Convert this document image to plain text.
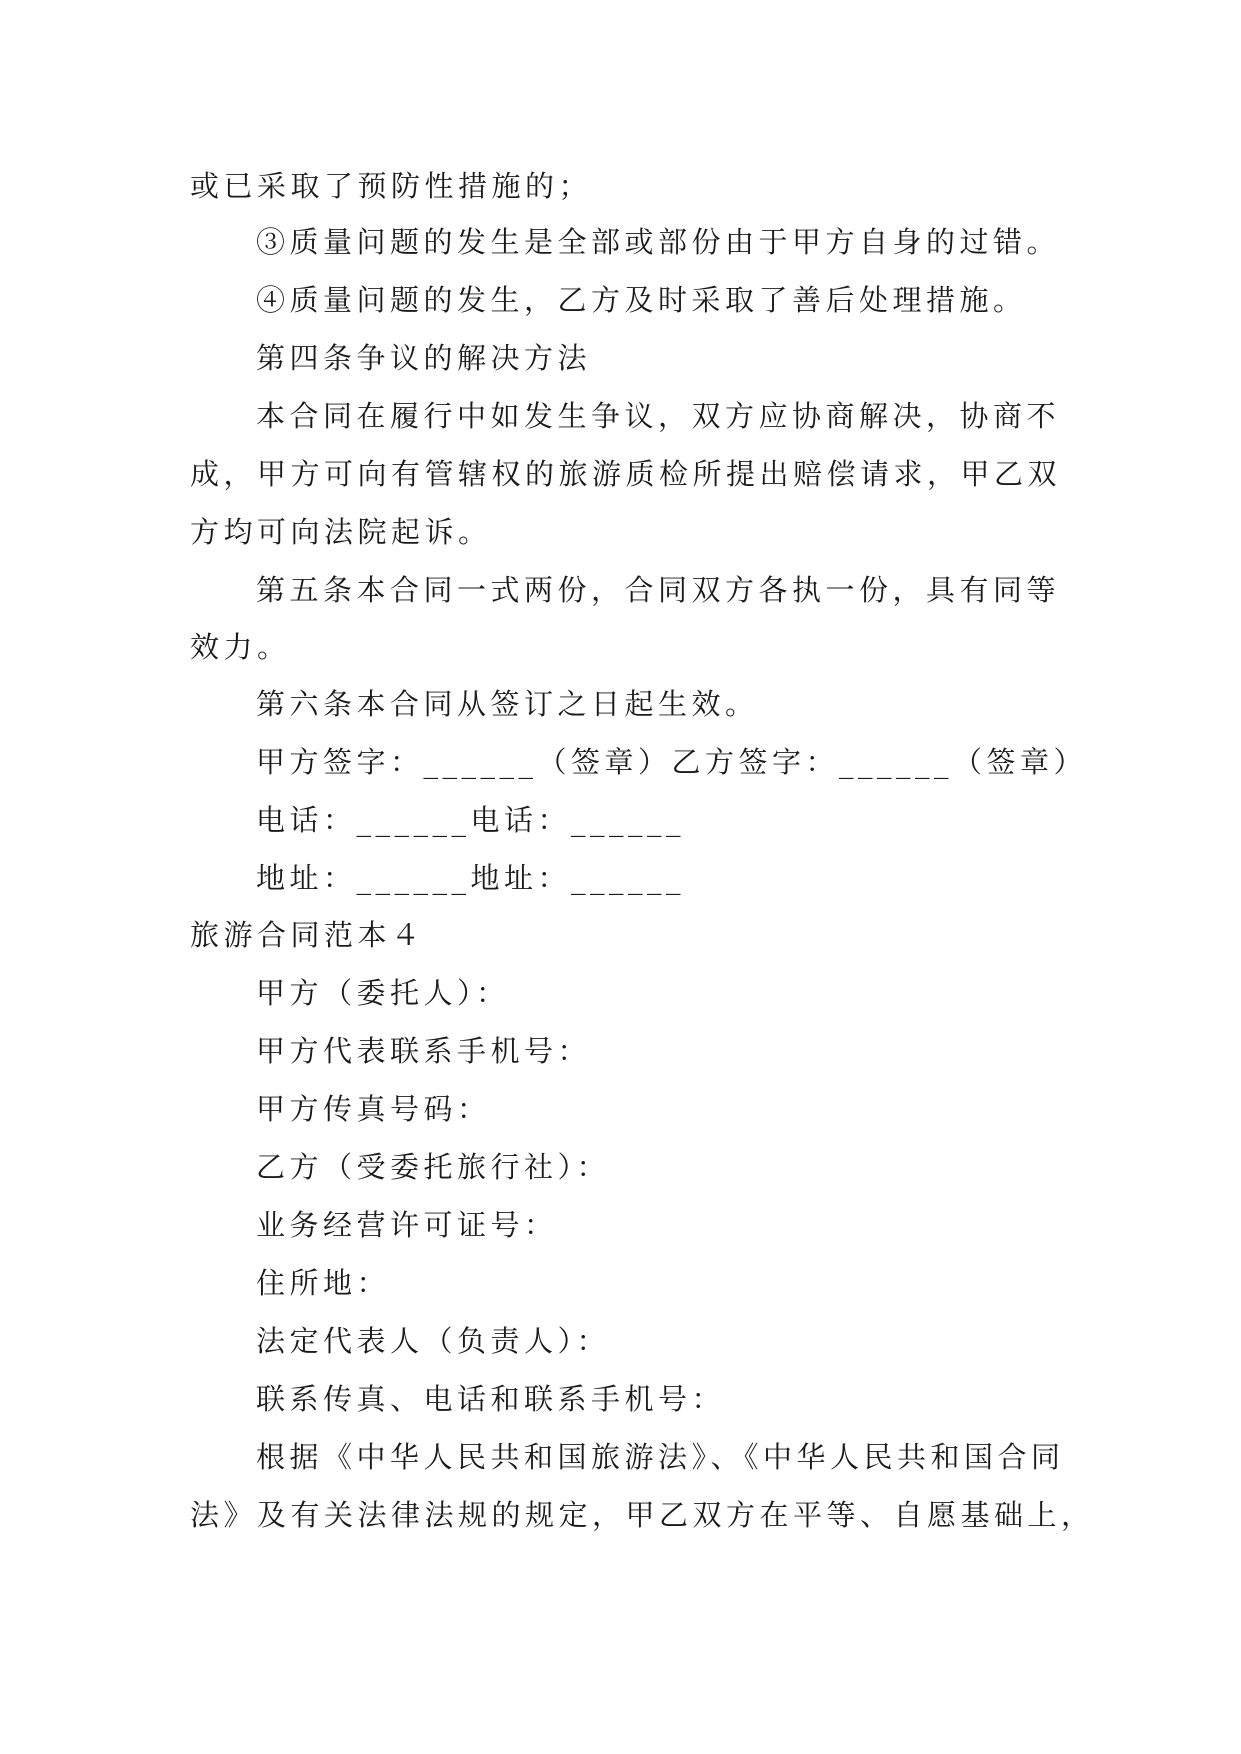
或已采取了预防性措施的；
③质量问题的发生是全部或部份由于甲方自身的过错。
④质量问题的发生，乙方及时采取了善后处理措施。
第四条争议的解决方法
本合同在履行中如发生争议，双方应协商解决，协商不
成，甲方可向有管辖权的旅游质检所提出赔偿请求，甲乙双
方均可向法院起诉。
第五条本合同一式两份，合同双方各执一份，具有同等
效力。
第六条本合同从签订之日起生效。
甲方签字：______（签章）乙方签字：______（签章）
电话：______电话：______
地址：______地址：______
旅游合同范本４
甲方（委托人）：
甲方代表联系手机号：
甲方传真号码：
乙方（受委托旅行社）：
业务经营许可证号：
住所地：
法定代表人（负责人）：
联系传真、电话和联系手机号：
根据《中华人民共和国旅游法》、《中华人民共和国合同
法》及有关法律法规的规定，甲乙双方在平等、自愿基础上，
